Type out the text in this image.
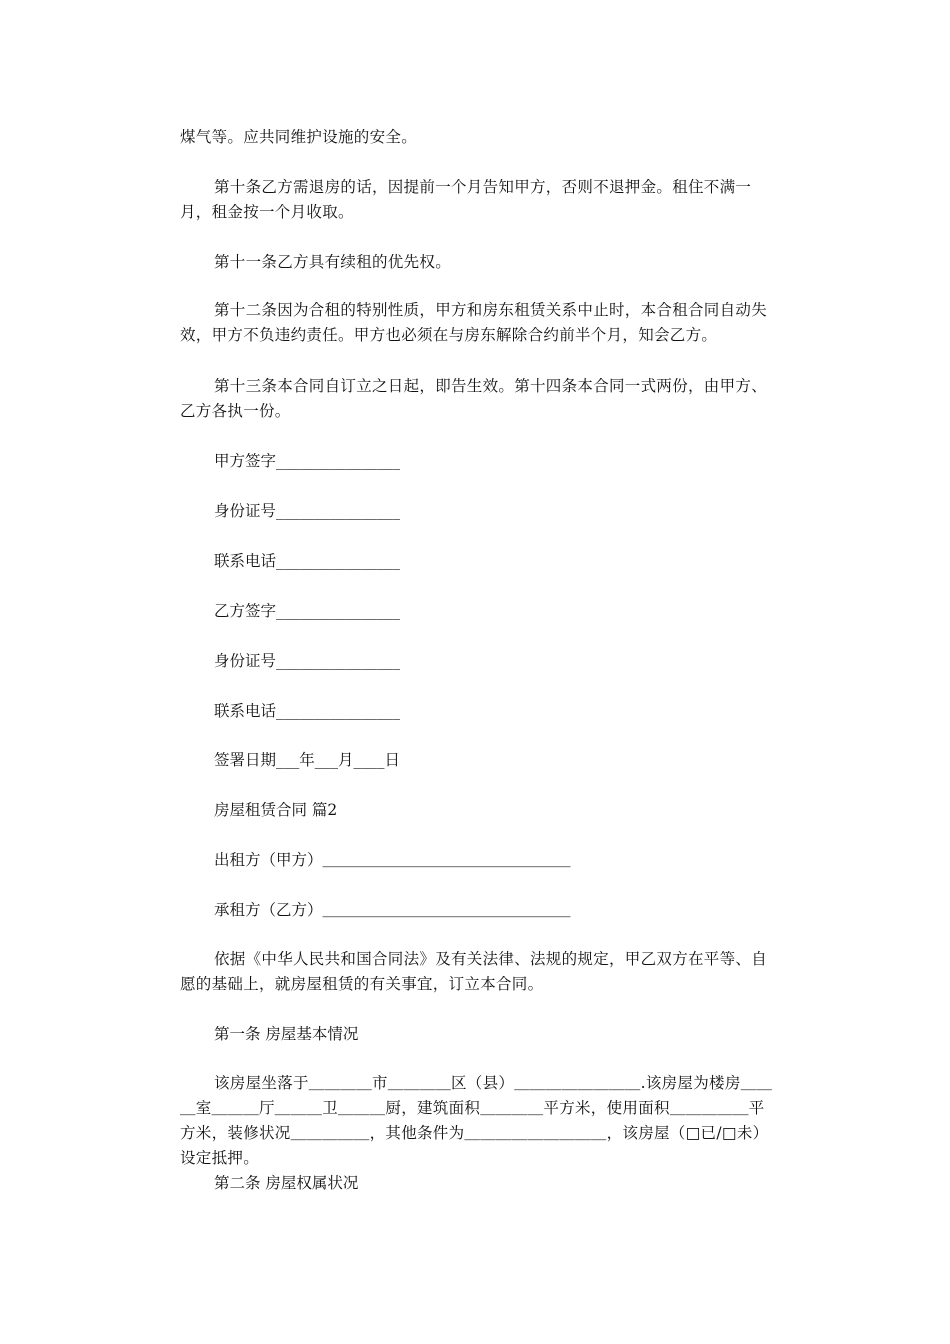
煤气等。应共同维护设施的安全。

第十条乙方需退房的话，因提前一个月告知甲方，否则不退押金。租住不满一月，租金按一个月收取。

第十一条乙方具有续租的优先权。

第十二条因为合租的特别性质，甲方和房东租赁关系中止时，本合租合同自动失效，甲方不负违约责任。甲方也必须在与房东解除合约前半个月，知会乙方。

第十三条本合同自订立之日起，即告生效。第十四条本合同一式两份，由甲方、乙方各执一份。

甲方签字________________

身份证号________________

联系电话________________

乙方签字________________

身份证号________________

联系电话________________

签署日期___年___月____日

房屋租赁合同 篇2

出租方（甲方）＿＿＿＿＿＿＿＿＿＿＿＿＿＿＿＿

承租方（乙方）＿＿＿＿＿＿＿＿＿＿＿＿＿＿＿＿

依据《中华人民共和国合同法》及有关法律、法规的规定，甲乙双方在平等、自愿的基础上，就房屋租赁的有关事宜，订立本合同。

第一条 房屋基本情况

该房屋坐落于＿＿＿＿市＿＿＿＿区（县）＿＿＿＿＿＿＿＿.该房屋为楼房＿＿＿室＿＿＿厅＿＿＿卫＿＿＿厨，建筑面积＿＿＿＿平方米，使用面积＿＿＿＿＿平方米，装修状况＿＿＿＿＿，其他条件为＿＿＿＿＿＿＿＿＿，该房屋（□已/□未）设定抵押。

第二条 房屋权属状况
